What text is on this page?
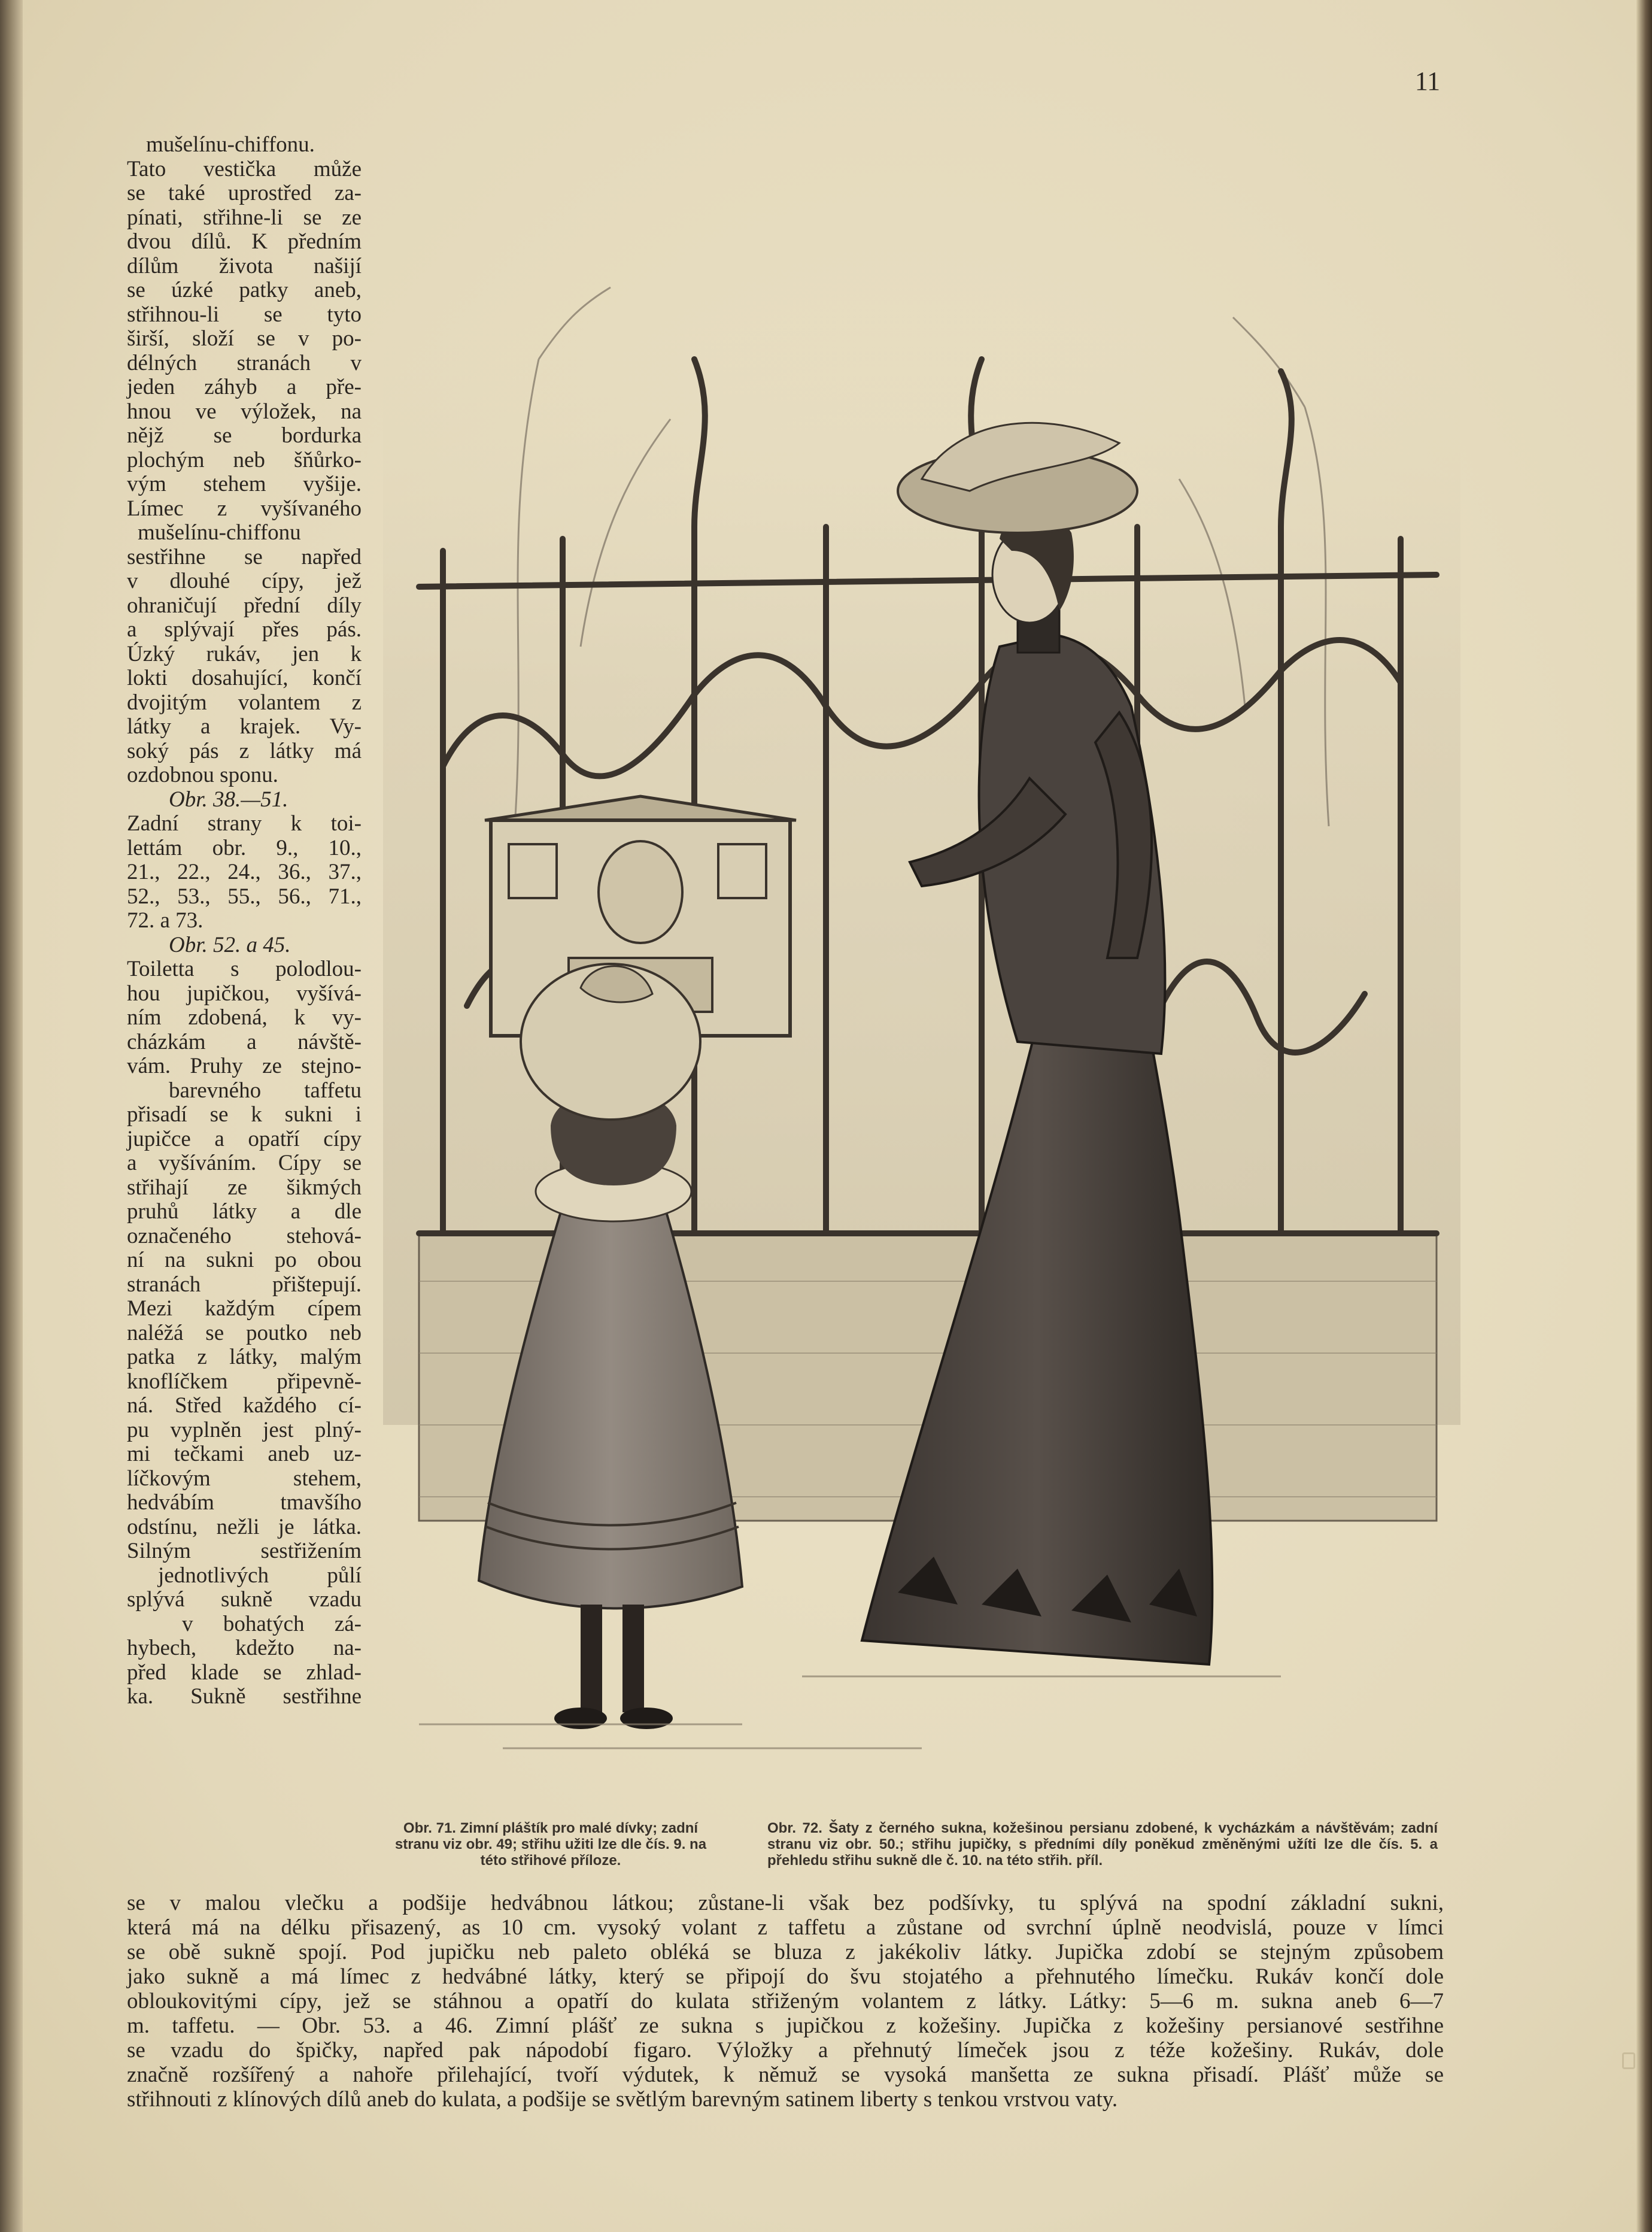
11
mušelínu-chiffonu.
Tato vestička může
se také uprostřed za-
pínati, střihne-li se ze
dvou dílů. K předním
dílům života našijí
se úzké patky aneb,
střihnou-li se tyto
širší, složí se v po-
délných stranách v
jeden záhyb a pře-
hnou ve výložek, na
nějž se bordurka
plochým neb šňůrko-
vým stehem vyšije.
Límec z vyšívaného
mušelínu-chiffonu
sestřihne se napřed
v dlouhé cípy, jež
ohraničují přední díly
a splývají přes pás.
Úzký rukáv, jen k
lokti dosahující, končí
dvojitým volantem z
látky a krajek. Vy-
soký pás z látky má
ozdobnou sponu.
Obr. 38.—51.
Zadní strany k toi-
lettám obr. 9., 10.,
21., 22., 24., 36., 37.,
52., 53., 55., 56., 71.,
72. a 73.
Obr. 52. a 45.
Toiletta s polodlou-
hou jupičkou, vyšívá-
ním zdobená, k vy-
cházkám a návště-
vám. Pruhy ze stejno-
barevného taffetu
přisadí se k sukni i
jupičce a opatří cípy
a vyšíváním. Cípy se
střihají ze šikmých
pruhů látky a dle
označeného stehová-
ní na sukni po obou
stranách přištepují.
Mezi každým cípem
naléžá se poutko neb
patka z látky, malým
knoflíčkem připevně-
ná. Střed každého cí-
pu vyplněn jest plný-
mi tečkami aneb uz-
líčkovým stehem,
hedvábím tmavšího
odstínu, nežli je látka.
Silným sestřižením
jednotlivých půlí
splývá sukně vzadu
v bohatých zá-
hybech, kdežto na-
před klade se zhlad-
ka. Sukně sestřihne
Obr. 71. Zimní pláštík pro malé dívky; zadní stranu viz obr. 49; střihu užiti lze dle čís. 9. na této střihové příloze.
Obr. 72. Šaty z černého sukna, kožešinou persianu zdobené, k vycházkám a návštěvám; zadní stranu viz obr. 50.; střihu jupičky, s předními díly poněkud změněnými užíti lze dle čís. 5. a přehledu střihu sukně dle č. 10. na této střih. příl.
se v malou vlečku a podšije hedvábnou látkou; zůstane-li však bez podšívky, tu splývá na spodní základní sukni,
která má na délku přisazený, as 10 cm. vysoký volant z taffetu a zůstane od svrchní úplně neodvislá, pouze v límci
se obě sukně spojí. Pod jupičku neb paleto obléká se bluza z jakékoliv látky. Jupička zdobí se stejným způsobem
jako sukně a má límec z hedvábné látky, který se připojí do švu stojatého a přehnutého límečku. Rukáv končí dole
obloukovitými cípy, jež se stáhnou a opatří do kulata střiženým volantem z látky. Látky: 5—6 m. sukna aneb 6—7
m. taffetu. — Obr. 53. a 46. Zimní plášť ze sukna s jupičkou z kožešiny. Jupička z kožešiny persianové sestřihne
se vzadu do špičky, napřed pak nápodobí figaro. Výložky a přehnutý límeček jsou z téže kožešiny. Rukáv, dole
značně rozšířený a nahoře přilehající, tvoří výdutek, k němuž se vysoká manšetta ze sukna přisadí. Plášť může se
střihnouti z klínových dílů aneb do kulata, a podšije se světlým barevným satinem liberty s tenkou vrstvou vaty.
